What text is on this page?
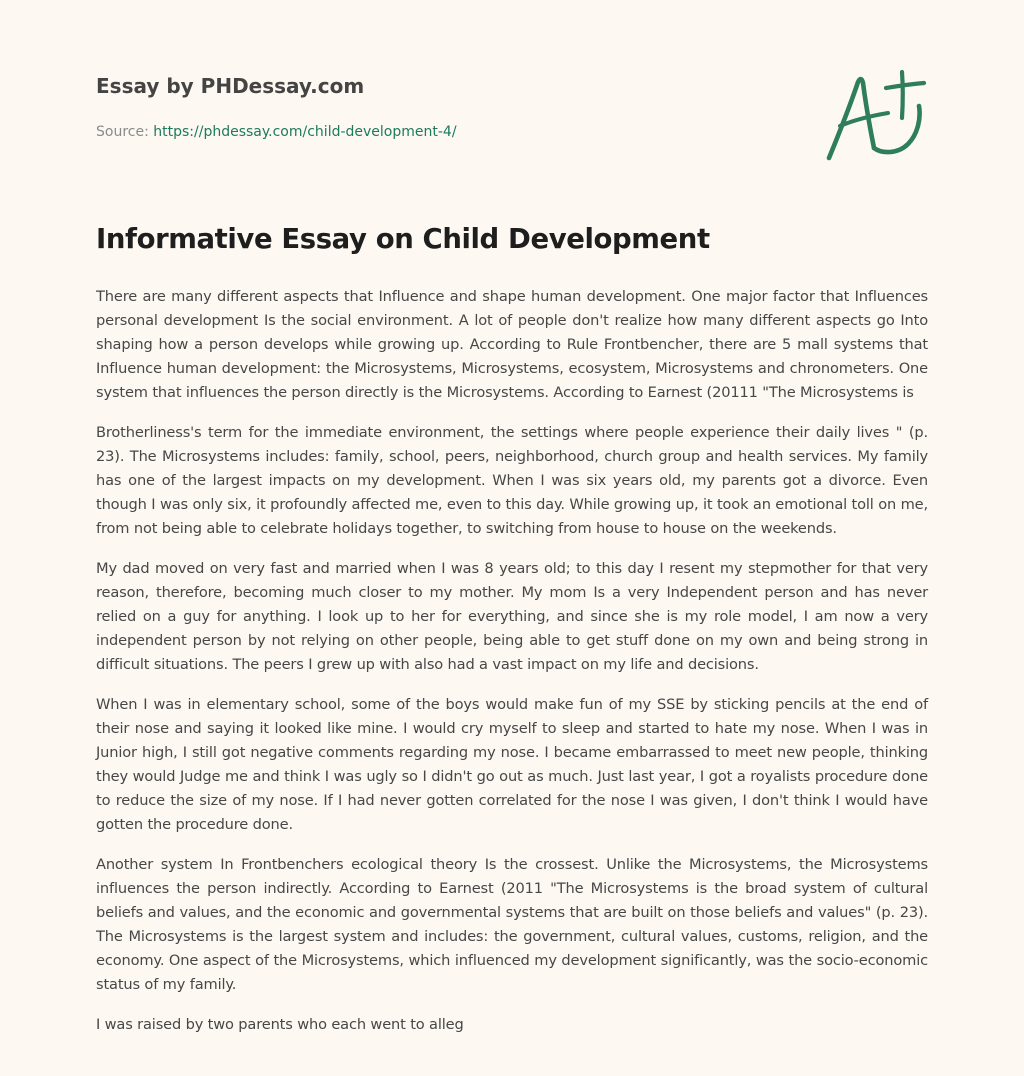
Essay by PHDessay.com
Source: https://phdessay.com/child-development-4/
Informative Essay on Child Development

There are many different aspects that Influence and shape human development. One major factor that Influences personal development Is the social environment. A lot of people don't realize how many different aspects go Into shaping how a person develops while growing up. According to Rule Frontbencher, there are 5 mall systems that Influence human development: the Microsystems, Microsystems, ecosystem, Microsystems and chronometers. One system that influences the person directly is the Microsystems. According to Earnest (20111 "The Microsystems is

Brotherliness's term for the immediate environment, the settings where people experience their daily lives " (p. 23). The Microsystems includes: family, school, peers, neighborhood, church group and health services. My family has one of the largest impacts on my development. When I was six years old, my parents got a divorce. Even though I was only six, it profoundly affected me, even to this day. While growing up, it took an emotional toll on me, from not being able to celebrate holidays together, to switching from house to house on the weekends.

My dad moved on very fast and married when I was 8 years old; to this day I resent my stepmother for that very reason, therefore, becoming much closer to my mother. My mom Is a very Independent person and has never relied on a guy for anything. I look up to her for everything, and since she is my role model, I am now a very independent person by not relying on other people, being able to get stuff done on my own and being strong in difficult situations. The peers I grew up with also had a vast impact on my life and decisions.

When I was in elementary school, some of the boys would make fun of my SSE by sticking pencils at the end of their nose and saying it looked like mine. I would cry myself to sleep and started to hate my nose. When I was in Junior high, I still got negative comments regarding my nose. I became embarrassed to meet new people, thinking they would Judge me and think I was ugly so I didn't go out as much. Just last year, I got a royalists procedure done to reduce the size of my nose. If I had never gotten correlated for the nose I was given, I don't think I would have gotten the procedure done.

Another system In Frontbenchers ecological theory Is the crossest. Unlike the Microsystems, the Microsystems influences the person indirectly. According to Earnest (2011 "The Microsystems is the broad system of cultural beliefs and values, and the economic and governmental systems that are built on those beliefs and values" (p. 23). The Microsystems is the largest system and includes: the government, cultural values, customs, religion, and the economy. One aspect of the Microsystems, which influenced my development significantly, was the socio-economic status of my family.

I was raised by two parents who each went to alleg
